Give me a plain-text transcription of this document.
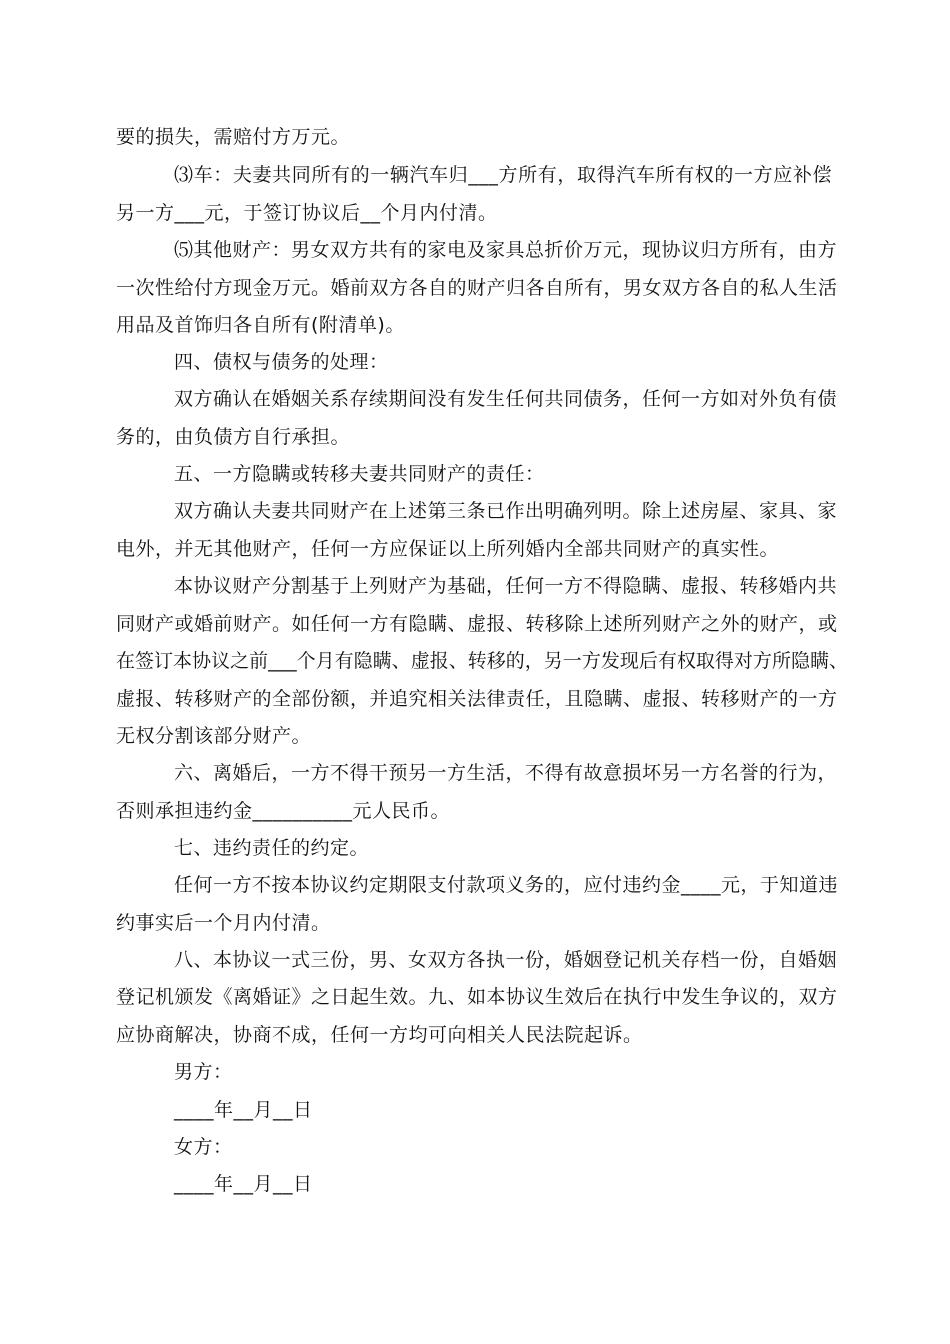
要的损失，需赔付方万元。
⑶车：夫妻共同所有的一辆汽车归___方所有，取得汽车所有权的一方应补偿
另一方___元，于签订协议后__个月内付清。
⑸其他财产：男女双方共有的家电及家具总折价万元，现协议归方所有，由方
一次性给付方现金万元。婚前双方各自的财产归各自所有，男女双方各自的私人生活
用品及首饰归各自所有(附清单)。
四、债权与债务的处理：
双方确认在婚姻关系存续期间没有发生任何共同债务，任何一方如对外负有债
务的，由负债方自行承担。
五、一方隐瞒或转移夫妻共同财产的责任：
双方确认夫妻共同财产在上述第三条已作出明确列明。除上述房屋、家具、家
电外，并无其他财产，任何一方应保证以上所列婚内全部共同财产的真实性。
本协议财产分割基于上列财产为基础，任何一方不得隐瞒、虚报、转移婚内共
同财产或婚前财产。如任何一方有隐瞒、虚报、转移除上述所列财产之外的财产，或
在签订本协议之前___个月有隐瞒、虚报、转移的，另一方发现后有权取得对方所隐瞒、
虚报、转移财产的全部份额，并追究相关法律责任，且隐瞒、虚报、转移财产的一方
无权分割该部分财产。
六、离婚后，一方不得干预另一方生活，不得有故意损坏另一方名誉的行为，
否则承担违约金__________元人民币。
七、违约责任的约定。
任何一方不按本协议约定期限支付款项义务的，应付违约金____元，于知道违
约事实后一个月内付清。
八、本协议一式三份，男、女双方各执一份，婚姻登记机关存档一份，自婚姻
登记机颁发《离婚证》之日起生效。九、如本协议生效后在执行中发生争议的，双方
应协商解决，协商不成，任何一方均可向相关人民法院起诉。
男方：
____年__月__日
女方：
____年__月__日
